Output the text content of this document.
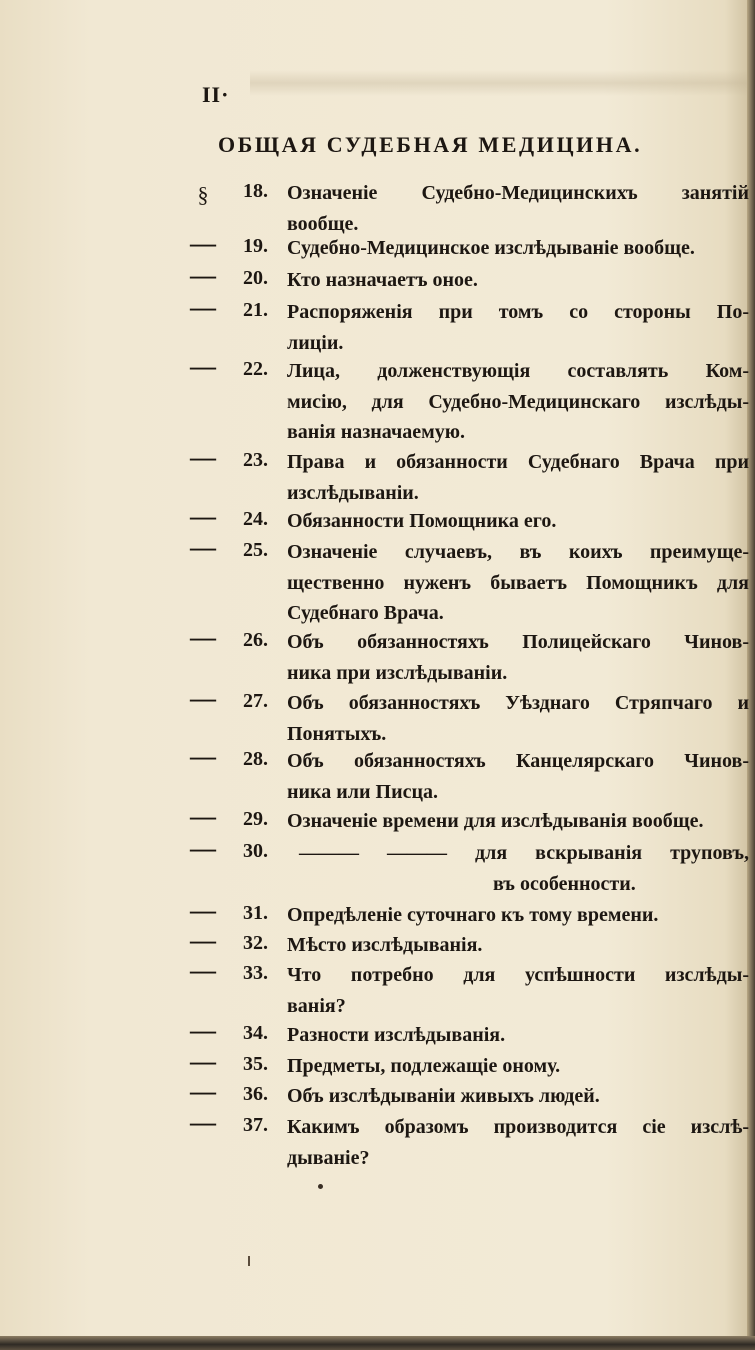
II·
ОБЩАЯ СУДЕБНАЯ МЕДИЦИНА.
§	18. Означеніе Судебно-Медицинскихъ занятій
вообще.
—	19. Судебно-Медицинское изслѣдываніе вообще.
—	20. Кто назначаетъ оное.
—	21. Распоряженія при томъ со стороны По-
лиціи.
—	22. Лица, долженствующія составлять Ком-
мисію, для Судебно-Медицинскаго изслѣды-
ванія назначаемую.
—	23. Права и обязанности Судебнаго Врача при
изслѣдываніи.
—	24. Обязанности Помощника его.
—	25. Означеніе случаевъ, въ коихъ преимуще-
щественно нуженъ бываетъ Помощникъ для
Судебнаго Врача.
—	26. Объ обязанностяхъ Полицейскаго Чинов-
ника при изслѣдываніи.
—	27. Объ обязанностяхъ Уѣзднаго Стряпчаго и
Понятыхъ.
—	28. Объ обязанностяхъ Канцелярскаго Чинов-
ника или Писца.
—	29. Означеніе времени для изслѣдыванія вообще.
—	30.	——— ——— для вскрыванія труповъ,
въ особенности.
—	31. Опредѣленіе суточнаго къ тому времени.
—	32. Мѣсто изслѣдыванія.
—	33. Что потребно для успѣшности изслѣды-
ванія?
—	34. Разности изслѣдыванія.
—	35. Предметы, подлежащіе оному.
—	36. Объ изслѣдываніи живыхъ людей.
—	37. Какимъ образомъ производится сіе изслѣ-
дываніе?
